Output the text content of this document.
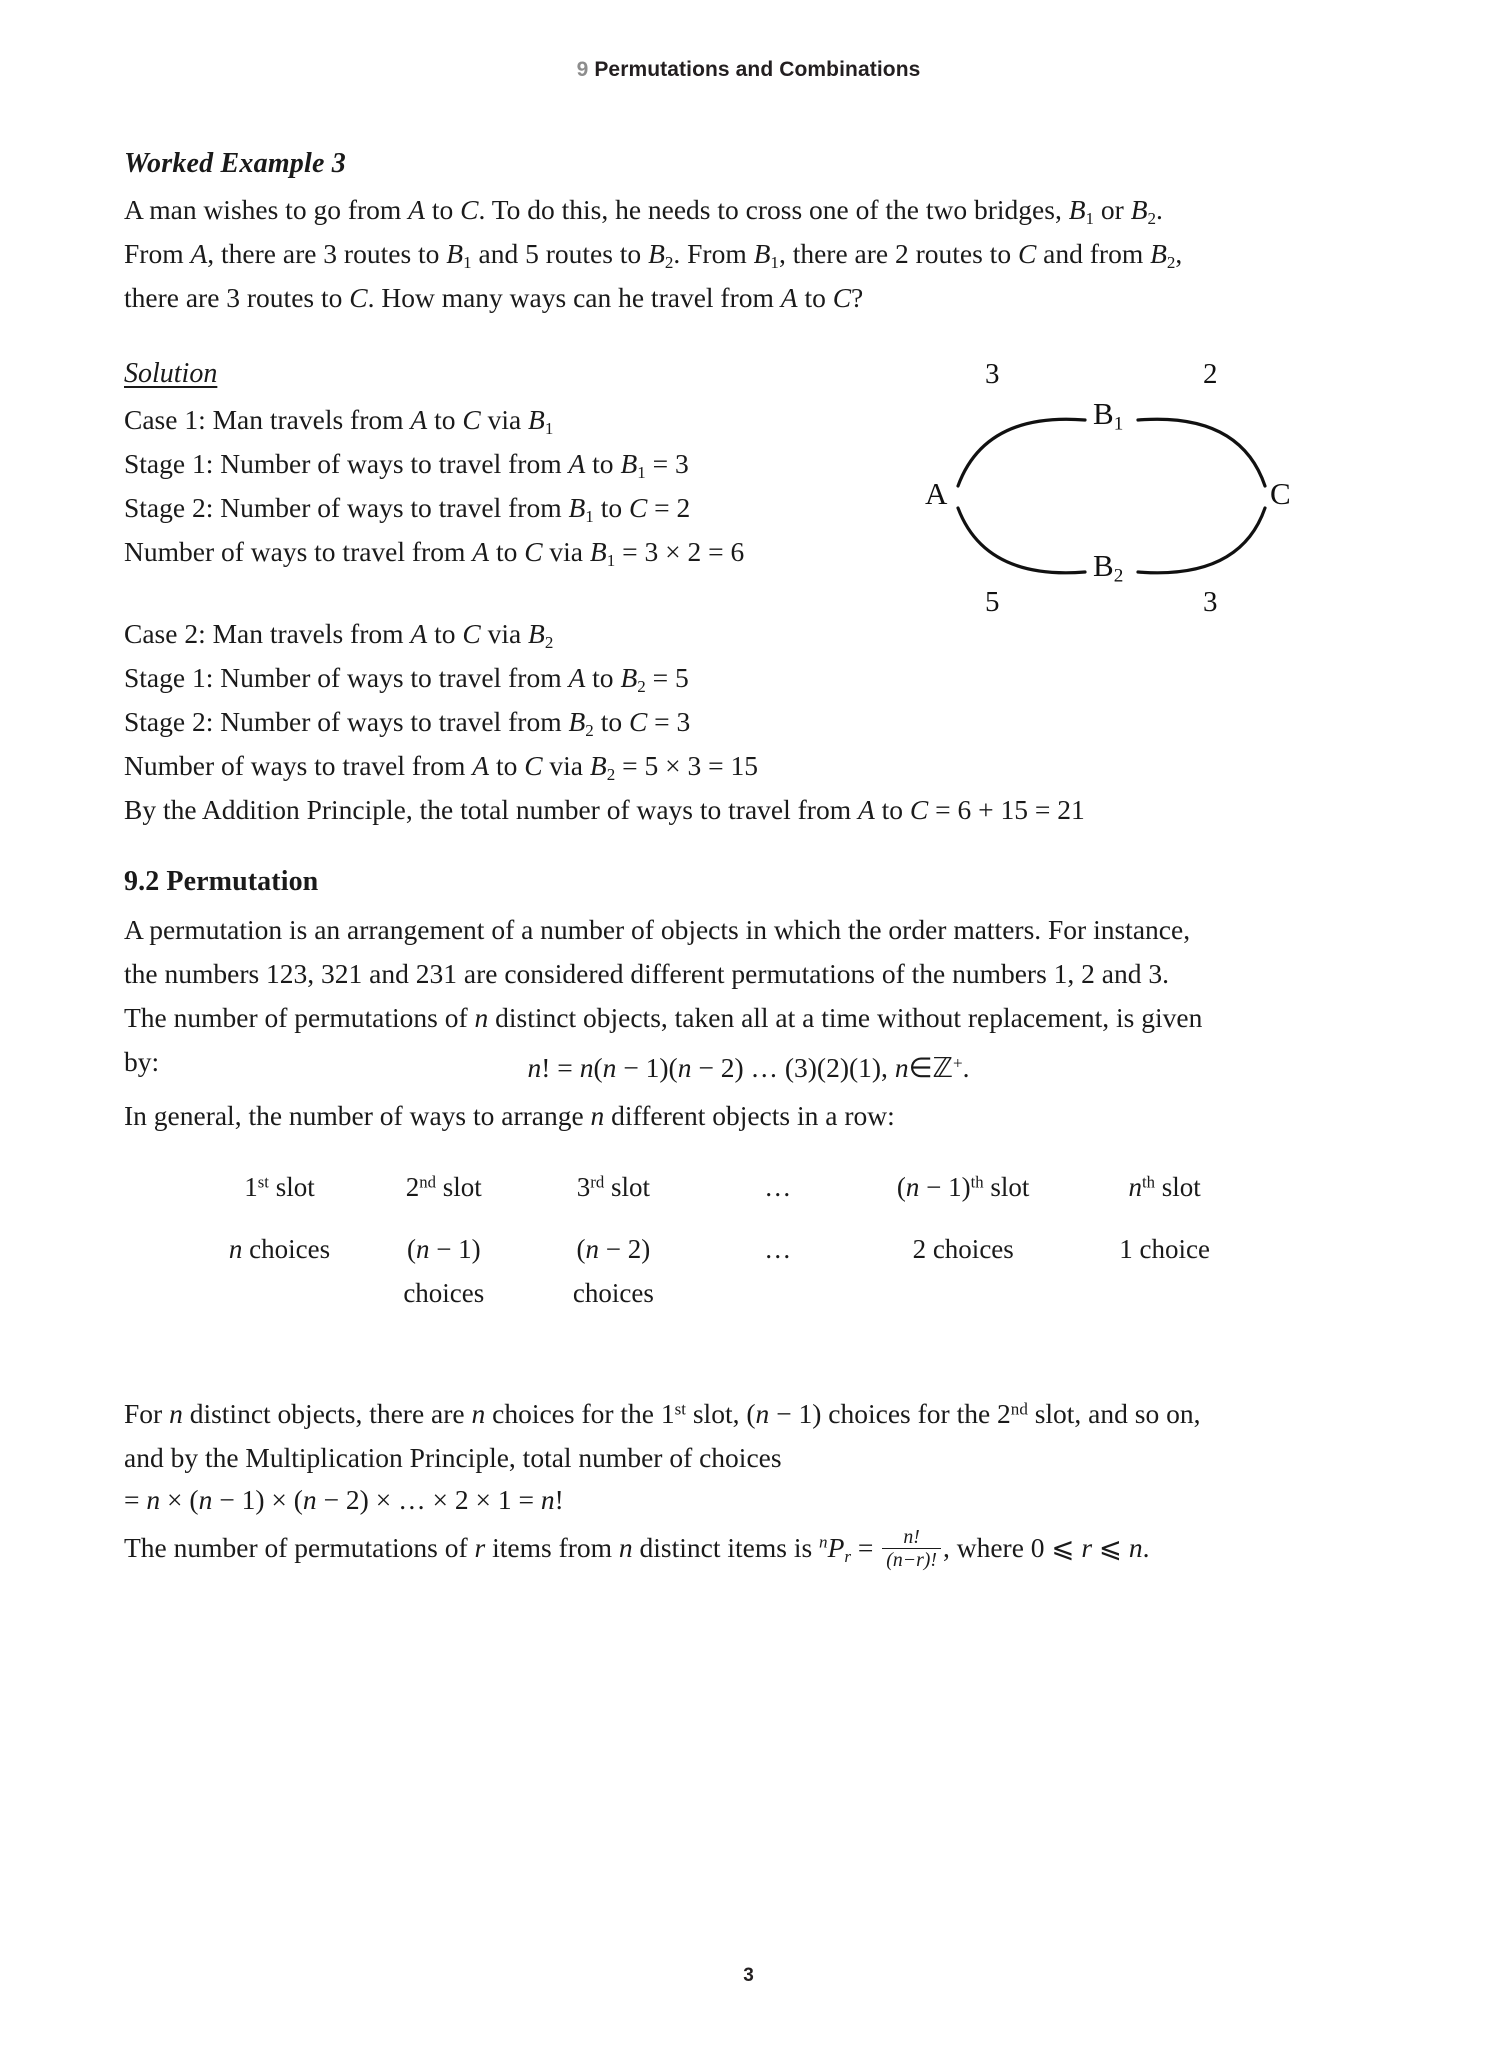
9 Permutations and Combinations
Worked Example 3

A man wishes to go from A to C. To do this, he needs to cross one of the two bridges, $B_1$ or $B_2$.

From A, there are 3 routes to $B_1$ and 5 routes to $B_2$. From $B_1$, there are 2 routes to C and from $B_2$,

there are 3 routes to C. How many ways can he travel from A to C?

Solution
Case 1: Man travels from A to C via $B_1$
Stage 1: Number of ways to travel from A to $B_1 = 3$
Stage 2: Number of ways to travel from $B_1$ to C = 2
Number of ways to travel from A to C via $B_1 = 3 \times 2 = 6$
Case 2: Man travels from A to C via $B_2$
Stage 1: Number of ways to travel from A to $B_2 = 5$
Stage 2: Number of ways to travel from $B_2$ to C = 3
Number of ways to travel from A to C via $B_2 = 5 \times 3 = 15$
By the Addition Principle, the total number of ways to travel from A to C = 6 + 15 = 21
A	C
$B_1$
$B_2$
3	2
5	3
9.2 Permutation

A permutation is an arrangement of a number of objects in which the order matters. For instance,

the numbers 123, 321 and 231 are considered different permutations of the numbers 1, 2 and 3.

The number of permutations of n distinct objects, taken all at a time without replacement, is given

by:	n! = n(n − 1)(n − 2) … (3)(2)(1), n∈ℤ+.
In general, the number of ways to arrange n different objects in a row:
1st slot	2nd slot	3rd slot	…	$(n - 1)^{th}$ slot	$n^{th}$ slot
n choices	(n − 1)	(n − 2)	…	2 choices	1 choice
	choices	choices			

For n distinct objects, there are n choices for the 1st slot, (n − 1) choices for the 2nd slot, and so on,

and by the Multiplication Principle, total number of choices

= n × (n − 1) × (n − 2) × … × 2 × 1 = n!
The number of permutations of r items from n distinct items is $^nP_r = \frac{n!}{(n-r)!}$ , where 0 ⩽ r ⩽ n.
3
